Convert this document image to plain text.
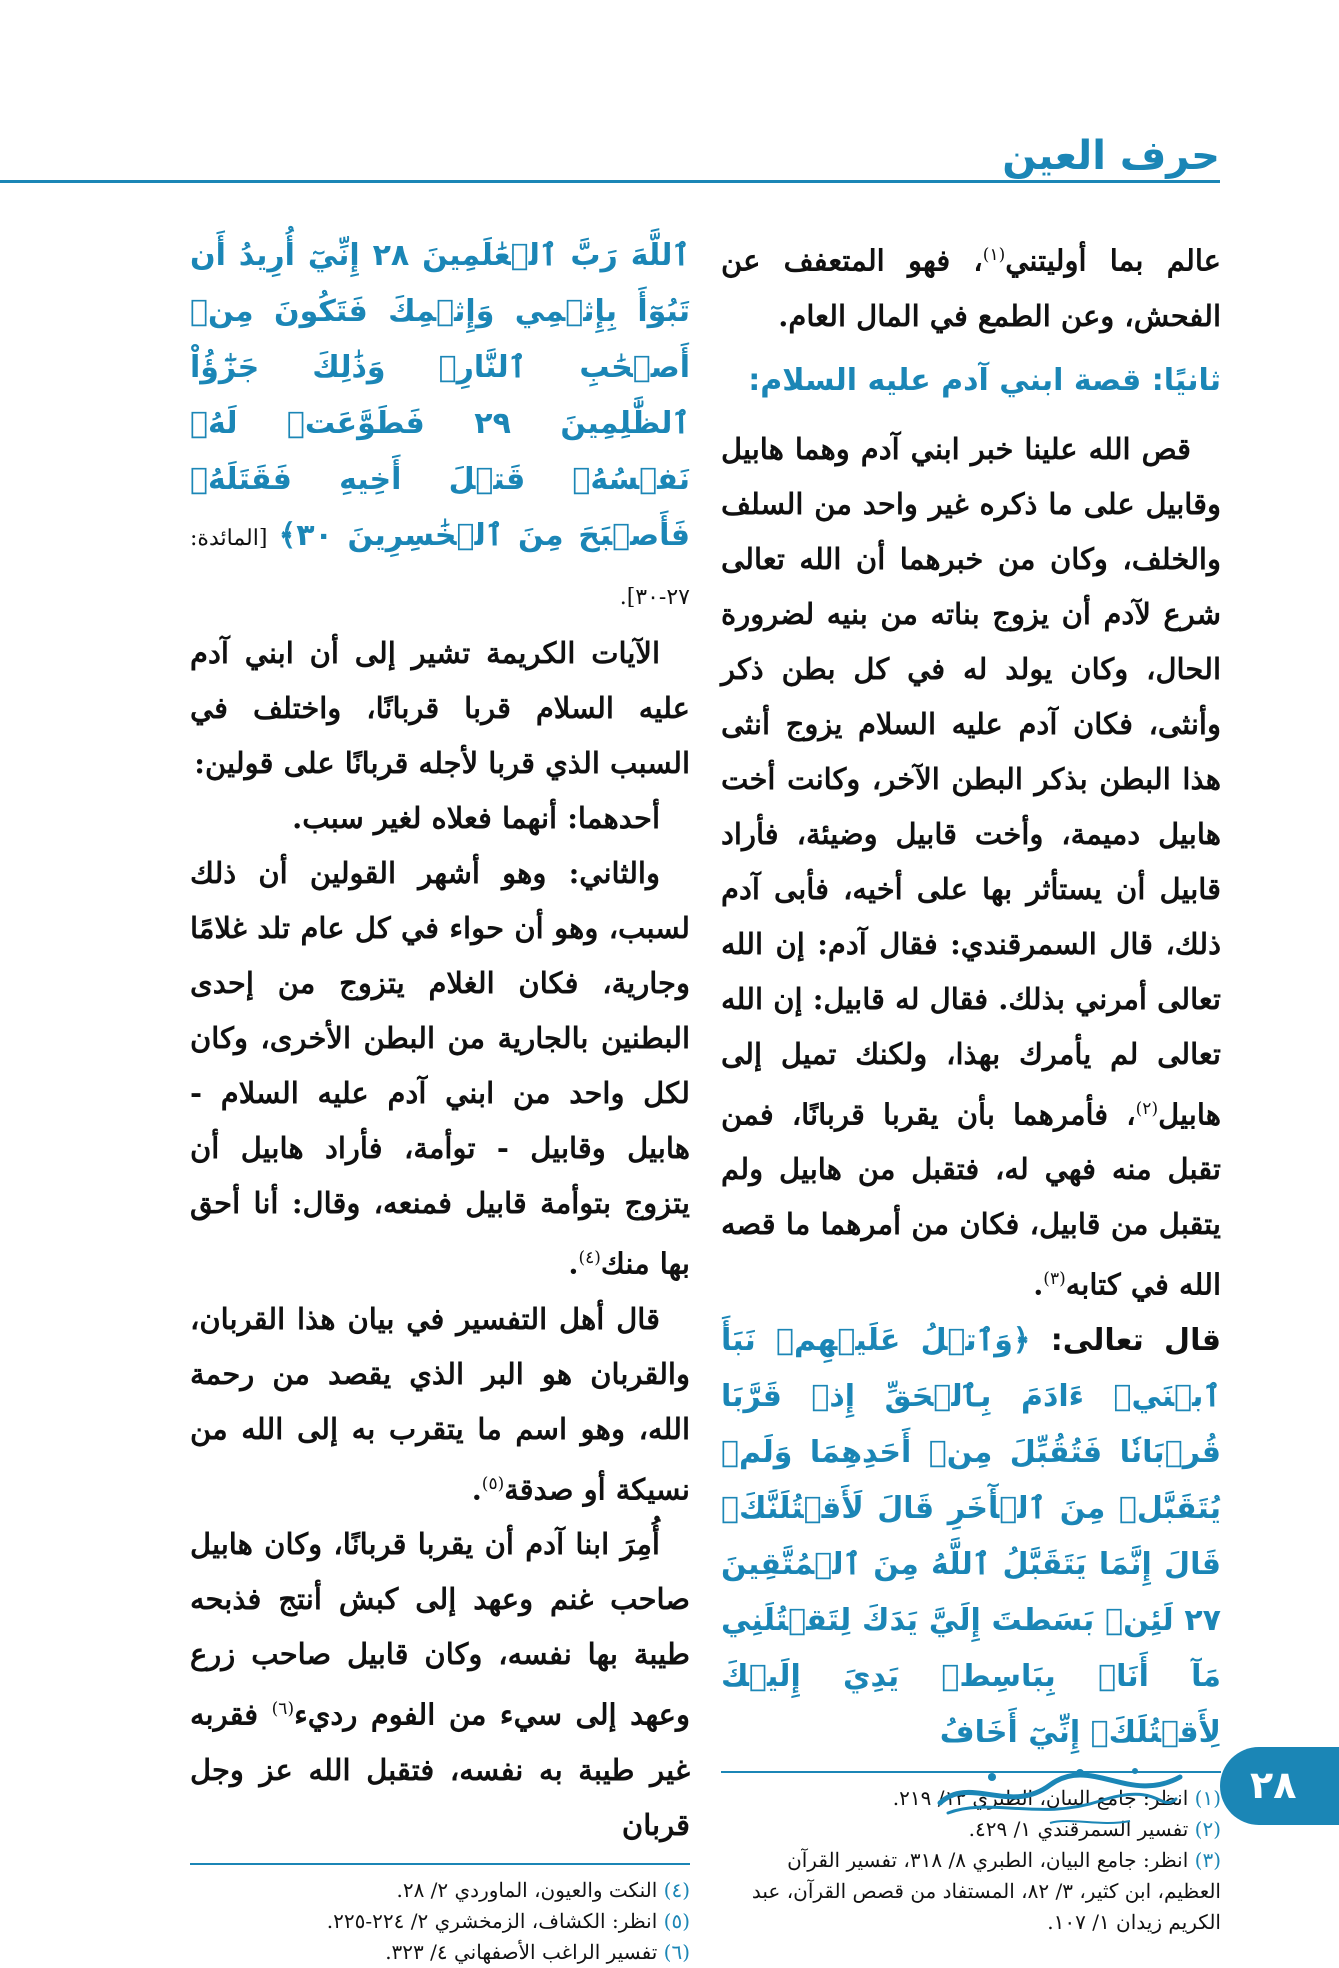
حرف العين

عالم بما أوليتني$^{(١)}$، فهو المتعفف عن الفحش، وعن الطمع في المال العام.

ثانيًا: قصة ابني آدم عليه السلام:

قص الله علينا خبر ابني آدم وهما هابيل وقابيل على ما ذكره غير واحد من السلف والخلف، وكان من خبرهما أن الله تعالى شرع لآدم أن يزوج بناته من بنيه لضرورة الحال، وكان يولد له في كل بطن ذكر وأنثى، فكان آدم عليه السلام يزوج أنثى هذا البطن بذكر البطن الآخر، وكانت أخت هابيل دميمة، وأخت قابيل وضيئة، فأراد قابيل أن يستأثر بها على أخيه، فأبى آدم ذلك، قال السمرقندي: فقال آدم: إن الله تعالى أمرني بذلك. فقال له قابيل: إن الله تعالى لم يأمرك بهذا، ولكنك تميل إلى هابيل$^{(٢)}$، فأمرهما بأن يقربا قربانًا، فمن تقبل منه فهي له، فتقبل من هابيل ولم يتقبل من قابيل، فكان من أمرهما ما قصه الله في كتابه$^{(٣)}$.

قال تعالى: ﴿وَٱتۡلُ عَلَيۡهِمۡ نَبَأَ ٱبۡنَيۡ ءَادَمَ بِٱلۡحَقِّ إِذۡ قَرَّبَا قُرۡبَانٗا فَتُقُبِّلَ مِنۡ أَحَدِهِمَا وَلَمۡ يُتَقَبَّلۡ مِنَ ٱلۡأٓخَرِ قَالَ لَأَقۡتُلَنَّكَۖ قَالَ إِنَّمَا يَتَقَبَّلُ ٱللَّهُ مِنَ ٱلۡمُتَّقِينَ ٢٧ لَئِنۢ بَسَطتَ إِلَيَّ يَدَكَ لِتَقۡتُلَنِي مَآ أَنَا۠ بِبَاسِطٖ يَدِيَ إِلَيۡكَ لِأَقۡتُلَكَۖ إِنِّيٓ أَخَافُ

(١) انظر: جامع البيان، الطبري ١٣/ ٢١٩.

(٢) تفسير السمرقندي ١/ ٤٢٩.

(٣) انظر: جامع البيان، الطبري ٨/ ٣١٨، تفسير القرآن العظيم، ابن كثير، ٣/ ٨٢، المستفاد من قصص القرآن، عبد الكريم زيدان ١/ ١٠٧.

ٱللَّهَ رَبَّ ٱلۡعَٰلَمِينَ ٢٨ إِنِّيٓ أُرِيدُ أَن تَبُوٓأَ بِإِثۡمِي وَإِثۡمِكَ فَتَكُونَ مِنۡ أَصۡحَٰبِ ٱلنَّارِۚ وَذَٰلِكَ جَزَٰٓؤُاْ ٱلظَّٰلِمِينَ ٢٩ فَطَوَّعَتۡ لَهُۥ نَفۡسُهُۥ قَتۡلَ أَخِيهِ فَقَتَلَهُۥ فَأَصۡبَحَ مِنَ ٱلۡخَٰسِرِينَ ٣٠﴾ [المائدة: ٢٧-٣٠].

الآيات الكريمة تشير إلى أن ابني آدم عليه السلام قربا قربانًا، واختلف في السبب الذي قربا لأجله قربانًا على قولين:

أحدهما: أنهما فعلاه لغير سبب.

والثاني: وهو أشهر القولين أن ذلك لسبب، وهو أن حواء في كل عام تلد غلامًا وجارية، فكان الغلام يتزوج من إحدى البطنين بالجارية من البطن الأخرى، وكان لكل واحد من ابني آدم عليه السلام - هابيل وقابيل - توأمة، فأراد هابيل أن يتزوج بتوأمة قابيل فمنعه، وقال: أنا أحق بها منك$^{(٤)}$.

قال أهل التفسير في بيان هذا القربان، والقربان هو البر الذي يقصد من رحمة الله، وهو اسم ما يتقرب به إلى الله من نسيكة أو صدقة$^{(٥)}$.

أُمِرَ ابنا آدم أن يقربا قربانًا، وكان هابيل صاحب غنم وعهد إلى كبش أنتج فذبحه طيبة بها نفسه، وكان قابيل صاحب زرع وعهد إلى سيء من الفوم رديء$^{(٦)}$ فقربه غير طيبة به نفسه، فتقبل الله عز وجل قربان

(٤) النكت والعيون، الماوردي ٢/ ٢٨.

(٥) انظر: الكشاف، الزمخشري ٢/ ٢٢٤-٢٢٥.

(٦) تفسير الراغب الأصفهاني ٤/ ٣٢٣.

٢٨
